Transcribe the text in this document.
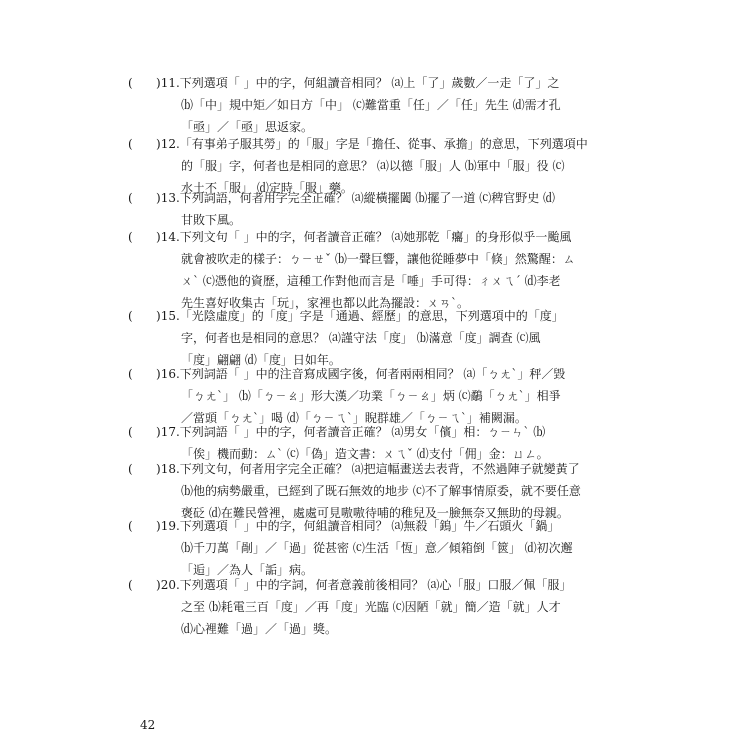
(	) 11. 下列選項「 」中的字，何組讀音相同？ ⒜上「了」歲數／一走「了」之
⒝「中」規中矩／如日方「中」 ⒞難當重「任」／「任」先生 ⒟需才孔
「亟」／「亟」思返家。
(	) 12. 「有事弟子服其勞」的「服」字是「擔任、從事、承擔」的意思，下列選項中
的「服」字，何者也是相同的意思？ ⒜以德「服」人 ⒝軍中「服」役 ⒞
水土不「服」 ⒟定時「服」藥。
(	) 13. 下列詞語，何者用字完全正確？ ⒜縱橫擺闔 ⒝擺了一道 ⒞稗官野史 ⒟
甘敗下風。
(	) 14. 下列文句「 」中的字，何者讀音正確？ ⒜她那乾「癟」的身形似乎一颱風
就會被吹走的樣子：ㄅㄧㄝˇ ⒝一聲巨響，讓他從睡夢中「倏」然驚醒：ㄙ
ㄨˋ ⒞憑他的資歷，這種工作對他而言是「唾」手可得：ㄔㄨㄟˊ ⒟李老
先生喜好收集古「玩」，家裡也都以此為擺設：ㄨㄢˋ。
(	) 15. 「光陰虛度」的「度」字是「通過、經歷」的意思，下列選項中的「度」
字，何者也是相同的意思？ ⒜謹守法「度」 ⒝滿意「度」調查 ⒞風
「度」翩翩 ⒟「度」日如年。
(	) 16. 下列詞語「 」中的注音寫成國字後，何者兩兩相同？ ⒜「ㄅㄤˋ」秤／毀
「ㄅㄤˋ」 ⒝「ㄅㄧㄠ」形大漢／功業「ㄅㄧㄠ」炳 ⒞鷸「ㄅㄤˋ」相爭
／當頭「ㄅㄤˋ」喝 ⒟「ㄅㄧㄟˋ」睨群雄／「ㄅㄧㄟˋ」補闕漏。
(	) 17. 下列詞語「 」中的字，何者讀音正確？ ⒜男女「儐」相：ㄅㄧㄣˋ ⒝
「俟」機而動：ㄙˋ ⒞「偽」造文書：ㄨㄟˇ ⒟支付「佣」金：ㄩㄥ。
(	) 18. 下列文句，何者用字完全正確？ ⒜把這幅畫送去表背，不然過陣子就變黃了
⒝他的病勢嚴重，已經到了既石無效的地步 ⒞不了解事情原委，就不要任意
褒砭 ⒟在難民營裡，處處可見嗷嗷待哺的稚兒及一臉無奈又無助的母親。
(	) 19. 下列選項「 」中的字，何組讀音相同？ ⒜無殺「鎢」牛／石頭火「鍋」
⒝千刀萬「剮」／「過」從甚密 ⒞生活「恆」意／傾箱倒「篋」 ⒟初次邂
「逅」／為人「詬」病。
(	) 20. 下列選項「 」中的字詞，何者意義前後相同？ ⒜心「服」口服／佩「服」
之至 ⒝耗電三百「度」／再「度」光臨 ⒞因陋「就」簡／造「就」人才
⒟心裡難「過」／「過」獎。
42
